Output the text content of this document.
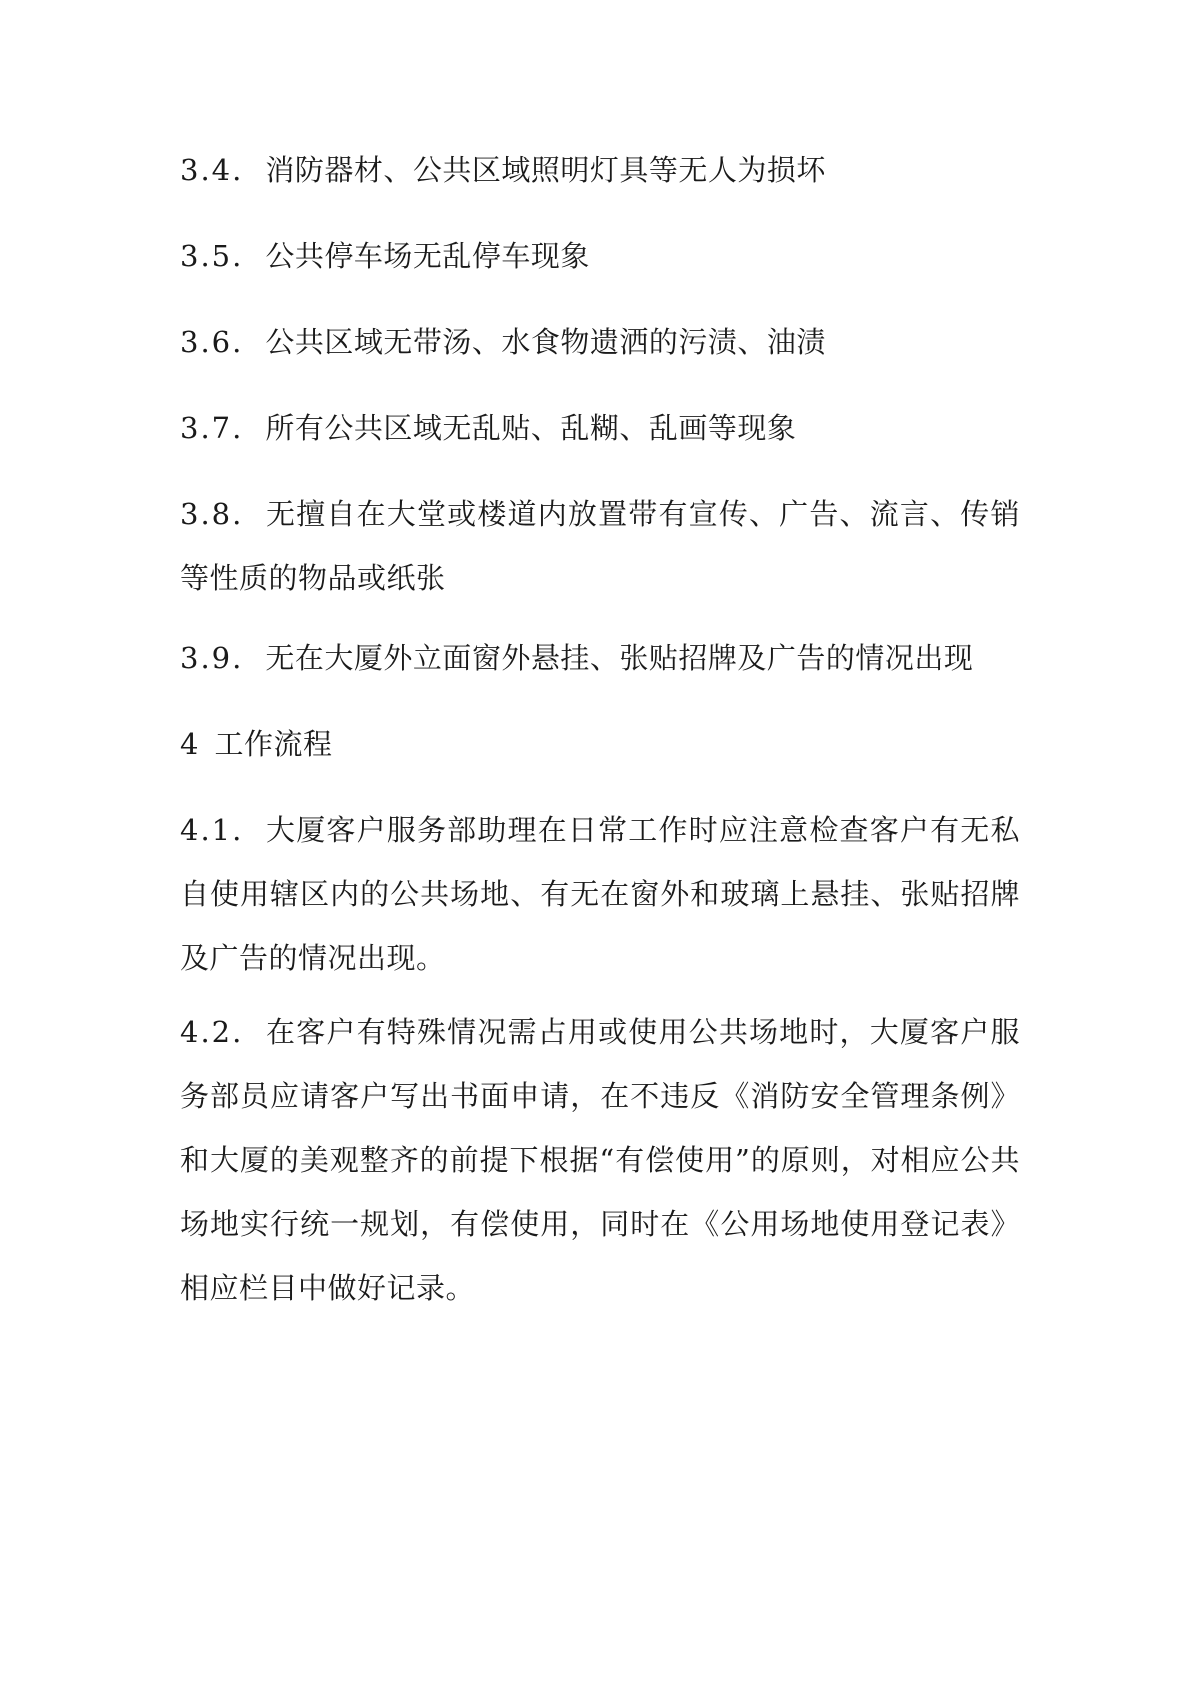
3.4. 消防器材、公共区域照明灯具等无人为损坏

3.5. 公共停车场无乱停车现象

3.6. 公共区域无带汤、水食物遗洒的污渍、油渍

3.7. 所有公共区域无乱贴、乱糊、乱画等现象

3.8. 无擅自在大堂或楼道内放置带有宣传、广告、流言、传销等性质的物品或纸张

3.9. 无在大厦外立面窗外悬挂、张贴招牌及广告的情况出现

4 工作流程

4.1. 大厦客户服务部助理在日常工作时应注意检查客户有无私自使用辖区内的公共场地、有无在窗外和玻璃上悬挂、张贴招牌及广告的情况出现。

4.2. 在客户有特殊情况需占用或使用公共场地时，大厦客户服务部员应请客户写出书面申请，在不违反《消防安全管理条例》和大厦的美观整齐的前提下根据“有偿使用”的原则，对相应公共场地实行统一规划，有偿使用，同时在《公用场地使用登记表》相应栏目中做好记录。
